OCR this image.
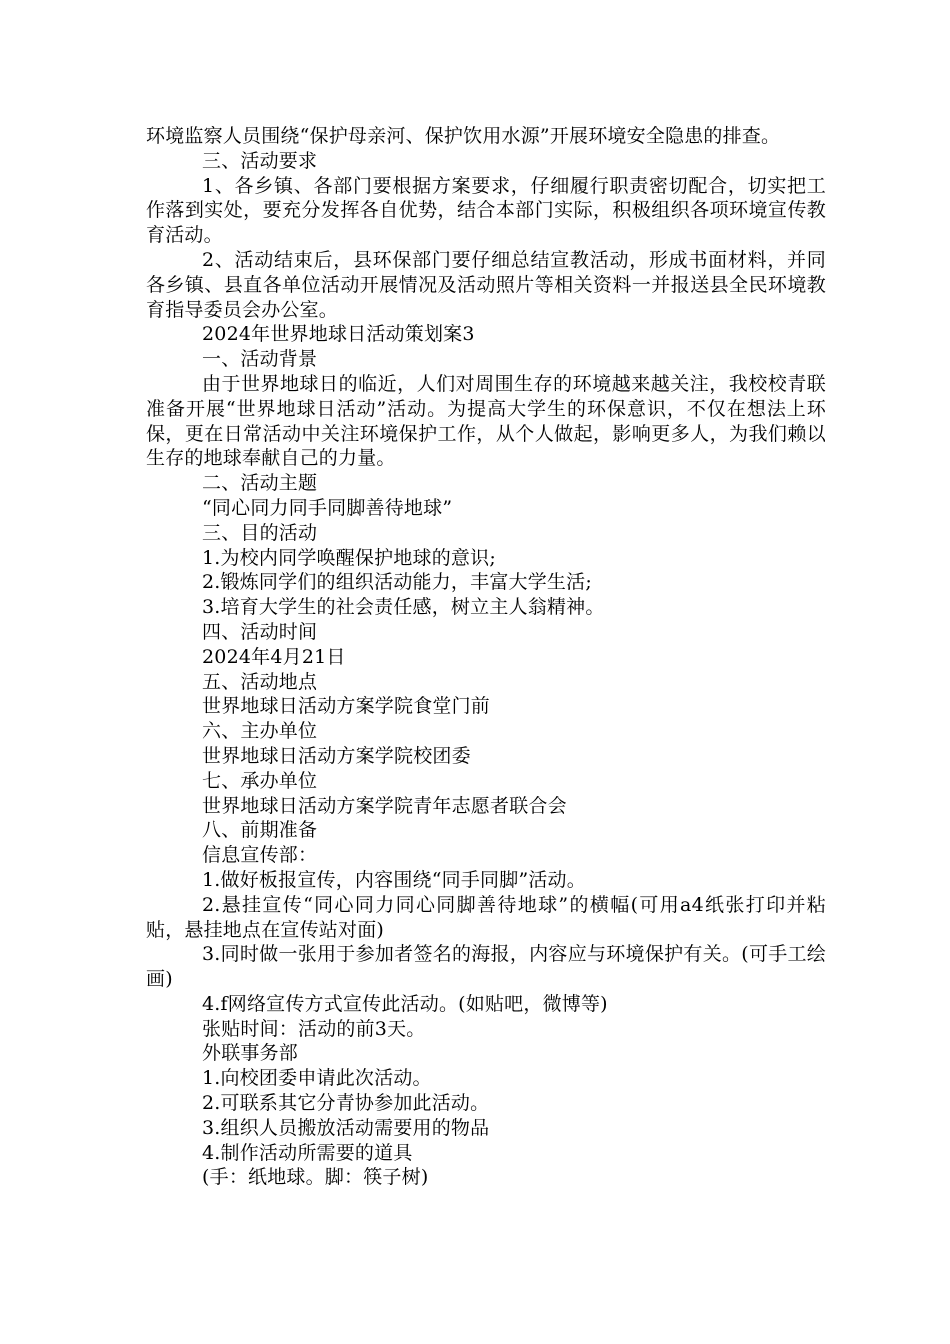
环境监察人员围绕“保护母亲河、保护饮用水源”开展环境安全隐患的排查。

三、活动要求

1、各乡镇、各部门要根据方案要求，仔细履行职责密切配合，切实把工作落到实处，要充分发挥各自优势，结合本部门实际，积极组织各项环境宣传教育活动。

2、活动结束后，县环保部门要仔细总结宣教活动，形成书面材料，并同各乡镇、县直各单位活动开展情况及活动照片等相关资料一并报送县全民环境教育指导委员会办公室。

2024年世界地球日活动策划案3

一、活动背景

由于世界地球日的临近，人们对周围生存的环境越来越关注，我校校青联准备开展“世界地球日活动”活动。为提高大学生的环保意识，不仅在想法上环保，更在日常活动中关注环境保护工作，从个人做起，影响更多人，为我们赖以生存的地球奉献自己的力量。

二、活动主题

“同心同力同手同脚善待地球”

三、目的活动

1.为校内同学唤醒保护地球的意识;

2.锻炼同学们的组织活动能力，丰富大学生活;

3.培育大学生的社会责任感，树立主人翁精神。

四、活动时间

2024年4月21日

五、活动地点

世界地球日活动方案学院食堂门前

六、主办单位

世界地球日活动方案学院校团委

七、承办单位

世界地球日活动方案学院青年志愿者联合会

八、前期准备

信息宣传部：

1.做好板报宣传，内容围绕“同手同脚”活动。

2.悬挂宣传“同心同力同心同脚善待地球”的横幅(可用a4纸张打印并粘贴，悬挂地点在宣传站对面)

3.同时做一张用于参加者签名的海报，内容应与环境保护有关。(可手工绘画)

4.f网络宣传方式宣传此活动。(如贴吧，微博等)

张贴时间：活动的前3天。

外联事务部

1.向校团委申请此次活动。

2.可联系其它分青协参加此活动。

3.组织人员搬放活动需要用的物品

4.制作活动所需要的道具

(手：纸地球。脚：筷子树)
